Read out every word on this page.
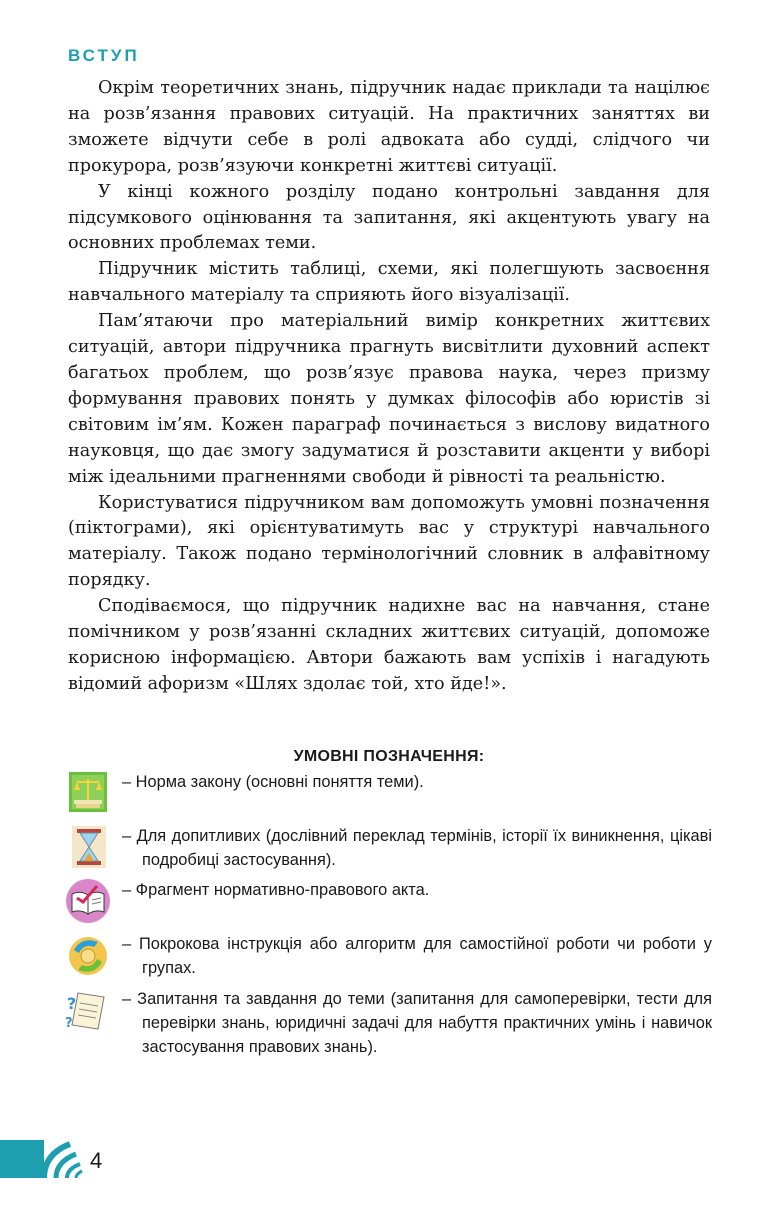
ВСТУП

Окрім теоретичних знань, підручник надає приклади та націлює на розв’язання правових ситуацій. На практичних заняттях ви зможете відчути себе в ролі адвоката або судді, слідчого чи прокурора, розв’язуючи конкретні життєві ситуації.

У кінці кожного розділу подано контрольні завдання для підсумкового оцінювання та запитання, які акцентують увагу на основних проблемах теми.

Підручник містить таблиці, схеми, які полегшують засвоєння навчального матеріалу та сприяють його візуалізації.

Пам’ятаючи про матеріальний вимір конкретних життєвих ситуацій, автори підручника прагнуть висвітлити духовний аспект багатьох проблем, що розв’язує правова наука, через призму формування правових понять у думках філософів або юристів зі світовим ім’ям. Кожен параграф починається з вислову видатного науковця, що дає змогу задуматися й розставити акценти у виборі між ідеальними прагненнями свободи й рівності та реальністю.

Користуватися підручником вам допоможуть умовні позначення (піктограми), які орієнтуватимуть вас у структурі навчального матеріалу. Також подано термінологічний словник в алфавітному порядку.

Сподіваємося, що підручник надихне вас на навчання, стане помічником у розв’язанні складних життєвих ситуацій, допоможе корисною інформацією. Автори бажають вам успіхів і нагадують відомий афоризм «Шлях здолає той, хто йде!».

УМОВНІ ПОЗНАЧЕННЯ:
– Норма закону (основні поняття теми).
– Для допитливих (дослівний переклад термінів, історії їх виникнення, цікаві подробиці застосування).
– Фрагмент нормативно-правового акта.
– Покрокова інструкція або алгоритм для самостійної роботи чи роботи у групах.
?
?
– Запитання та завдання до теми (запитання для самоперевірки, тести для перевірки знань, юридичні задачі для набуття практичних умінь і навичок застосування правових знань).
4
